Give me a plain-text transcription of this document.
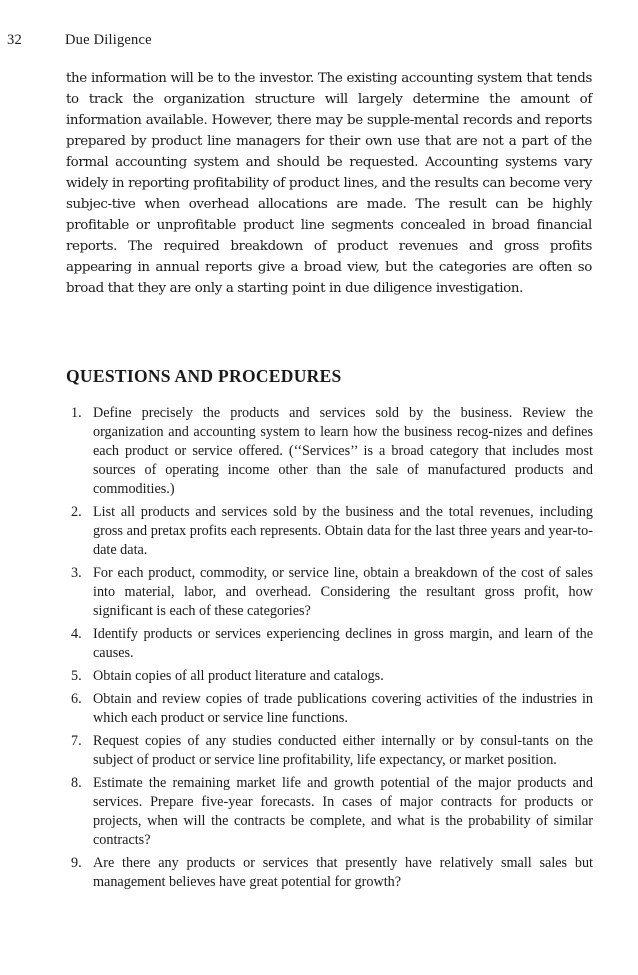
32	Due Diligence

the information will be to the investor. The existing accounting system that tends to track the organization structure will largely determine the amount of information available. However, there may be supple-mental records and reports prepared by product line managers for their own use that are not a part of the formal accounting system and should be requested. Accounting systems vary widely in reporting profitability of product lines, and the results can become very subjec-tive when overhead allocations are made. The result can be highly profitable or unprofitable product line segments concealed in broad financial reports. The required breakdown of product revenues and gross profits appearing in annual reports give a broad view, but the categories are often so broad that they are only a starting point in due diligence investigation.

QUESTIONS AND PROCEDURES
1. Define precisely the products and services sold by the business. Review the organization and accounting system to learn how the business recog-nizes and defines each product or service offered. (‘‘Services’’ is a broad category that includes most sources of operating income other than the sale of manufactured products and commodities.)
2. List all products and services sold by the business and the total revenues, including gross and pretax profits each represents. Obtain data for the last three years and year-to-date data.
3. For each product, commodity, or service line, obtain a breakdown of the cost of sales into material, labor, and overhead. Considering the resultant gross profit, how significant is each of these categories?
4. Identify products or services experiencing declines in gross margin, and learn of the causes.
5. Obtain copies of all product literature and catalogs.
6. Obtain and review copies of trade publications covering activities of the industries in which each product or service line functions.
7. Request copies of any studies conducted either internally or by consul-tants on the subject of product or service line profitability, life expectancy, or market position.
8. Estimate the remaining market life and growth potential of the major products and services. Prepare five-year forecasts. In cases of major contracts for products or projects, when will the contracts be complete, and what is the probability of similar contracts?
9. Are there any products or services that presently have relatively small sales but management believes have great potential for growth?
